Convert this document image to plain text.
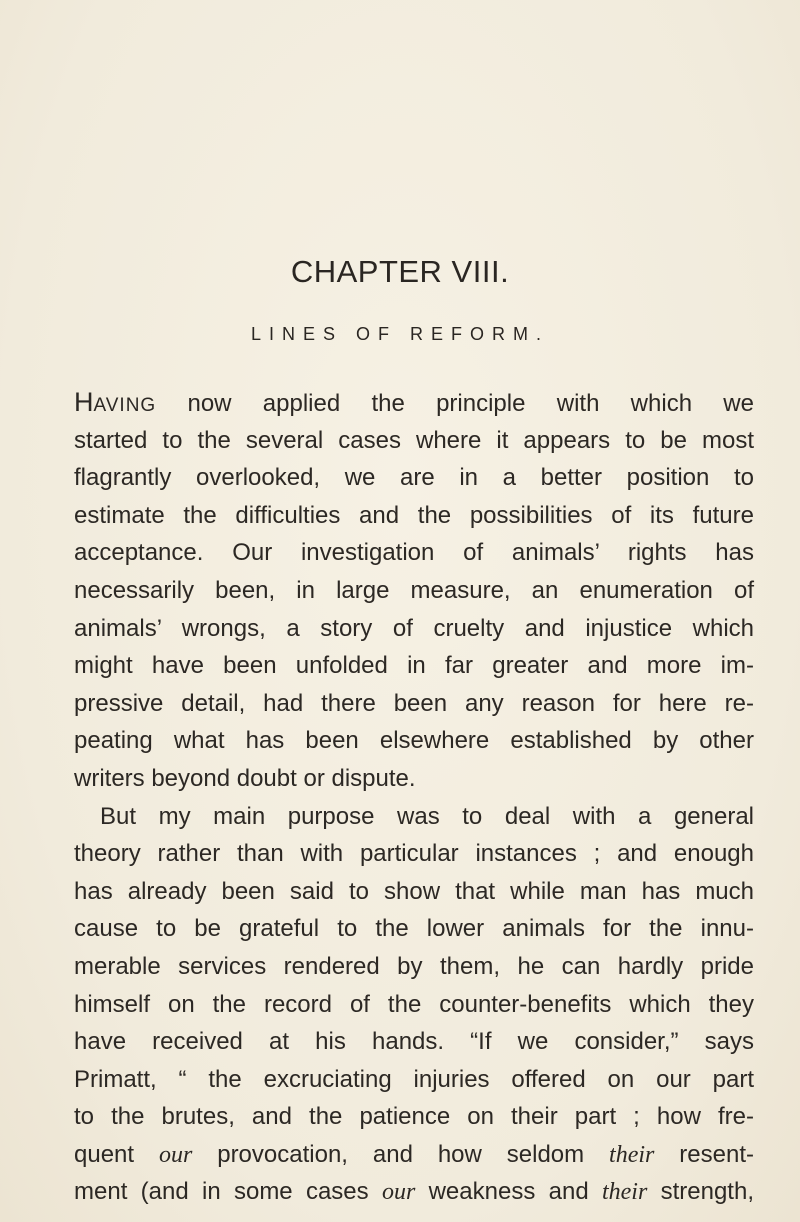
CHAPTER VIII.
LINES OF REFORM.
HAVING now applied the principle with which we
started to the several cases where it appears to be most
flagrantly overlooked, we are in a better position to
estimate the difficulties and the possibilities of its future
acceptance. Our investigation of animals’ rights has
necessarily been, in large measure, an enumeration of
animals’ wrongs, a story of cruelty and injustice which
might have been unfolded in far greater and more im-
pressive detail, had there been any reason for here re-
peating what has been elsewhere established by other
writers beyond doubt or dispute.
But my main purpose was to deal with a general
theory rather than with particular instances ; and enough
has already been said to show that while man has much
cause to be grateful to the lower animals for the innu-
merable services rendered by them, he can hardly pride
himself on the record of the counter-benefits which they
have received at his hands. “If we consider,” says
Primatt, “ the excruciating injuries offered on our part
to the brutes, and the patience on their part ; how fre-
quent our provocation, and how seldom their resent-
ment (and in some cases our weakness and their strength,
